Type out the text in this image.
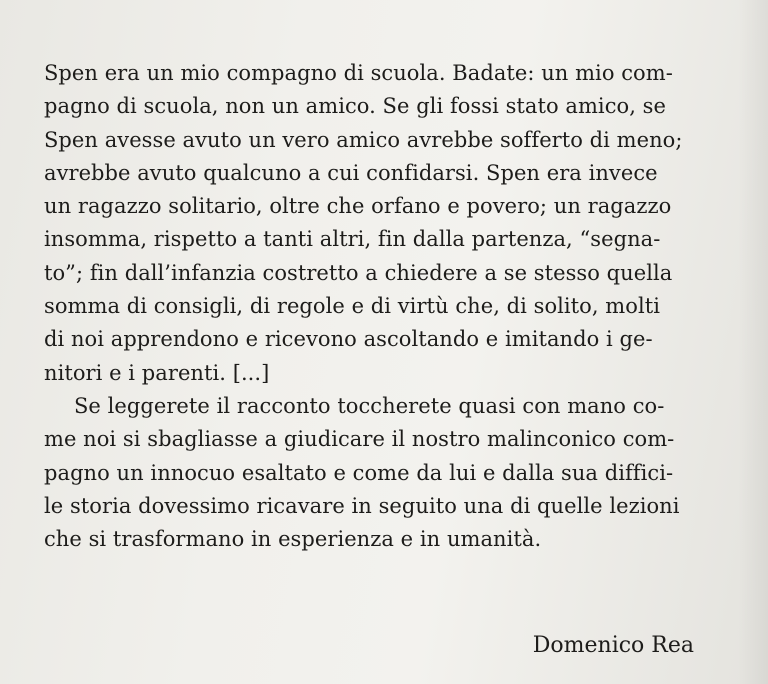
Spen era un mio compagno di scuola. Badate: un mio com-
pagno di scuola, non un amico. Se gli fossi stato amico, se
Spen avesse avuto un vero amico avrebbe sofferto di meno;
avrebbe avuto qualcuno a cui confidarsi. Spen era invece
un ragazzo solitario, oltre che orfano e povero; un ragazzo
insomma, rispetto a tanti altri, fin dalla partenza, “segna-
to”; fin dall’infanzia costretto a chiedere a se stesso quella
somma di consigli, di regole e di virtù che, di solito, molti
di noi apprendono e ricevono ascoltando e imitando i ge-
nitori e i parenti. [...]
Se leggerete il racconto toccherete quasi con mano co-
me noi si sbagliasse a giudicare il nostro malinconico com-
pagno un innocuo esaltato e come da lui e dalla sua diffici-
le storia dovessimo ricavare in seguito una di quelle lezioni
che si trasformano in esperienza e in umanità.
Domenico Rea
